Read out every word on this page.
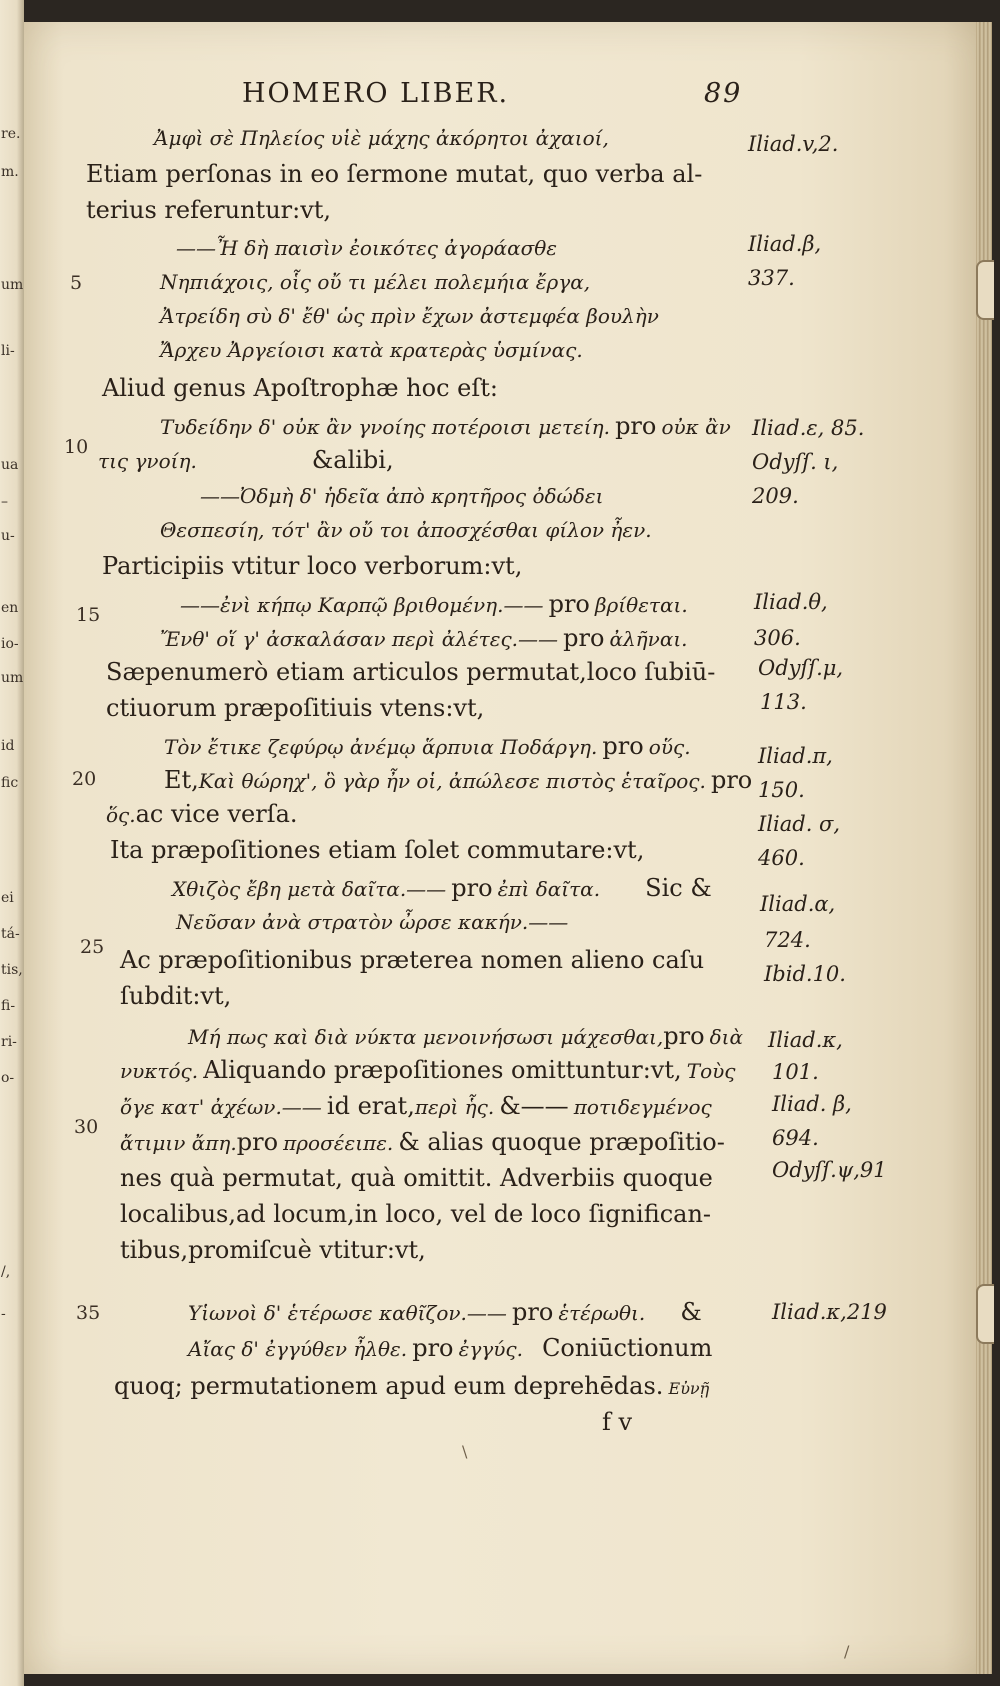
re.
m.
um
li-
ua
–
u-
en
io-
um
id
fic
ei
tá-
tis,
fi-
ri-
o-
/,
-
HOMERO LIBER.	89
Ἀμφὶ σὲ Πηλείος υἱὲ μάχης ἀκόρητοι ἀχαιοί,
Etiam perſonas in eo ſermone mutat, quo verba al-
terius referuntur:vt,
——Ἦ δὴ παισὶν ἐοικότες ἀγοράασθε
Νηπιάχοις, οἷς οὔ τι μέλει πολεμήια ἔργα,
Ἀτρείδη σὺ δ' ἔθ' ὡς πρὶν ἔχων ἀστεμφέα βουλὴν
Ἄρχευ Ἀργείοισι κατὰ κρατερὰς ὑσμίνας.
Aliud genus Apoſtrophæ hoc eſt:
Τυδείδην δ' οὐκ ἂν γνοίης ποτέροισι μετείη. pro οὐκ ἂν
τις γνοίη.	&alibi,
——Ὀδμὴ δ' ἡδεῖα ἀπὸ κρητῆρος ὀδώδει
Θεσπεσίη, τότ' ἂν οὔ τοι ἀποσχέσθαι φίλον ἦεν.
Participiis vtitur loco verborum:vt,
——ἐνὶ κήπῳ Καρπῷ βριθομένη.—— pro βρίθεται.
Ἔνθ' οἵ γ' ἀσκαλάσαν περὶ ἀλέτες.—— pro ἀλῆναι.
Sæpenumerò etiam articulos permutat,loco ſubiū-
ctiuorum præpoſitiuis vtens:vt,
Τὸν ἔτικε ζεφύρῳ ἀνέμῳ ἅρπυια Ποδάργη. pro οὕς.
Et,Καὶ θώρηχ', ὃ γὰρ ἦν οἱ, ἀπώλεσε πιστὸς ἑταῖρος. pro
ὅς.ac vice verſa.
Ita præpoſitiones etiam ſolet commutare:vt,
Χθιζὸς ἔβη μετὰ δαῖτα.—— pro ἐπὶ δαῖτα. Sic &
Νεῦσαν ἀνὰ στρατὸν ὦρσε κακήν.——
Ac præpoſitionibus præterea nomen alieno caſu
ſubdit:vt,
Μή πως καὶ διὰ νύκτα μενοινήσωσι μάχεσθαι,pro διὰ
νυκτός. Aliquando præpoſitiones omittuntur:vt, Τοὺς
ὄγε κατ' ἀχέων.—— id erat,περὶ ἧς. &—— ποτιδεγμένος
ἄτιμιν ἄπη.pro προσέειπε. & alias quoque præpoſitio-
nes quà permutat, quà omittit. Adverbiis quoque
localibus,ad locum,in loco, vel de loco ſignifican-
tibus,promiſcuè vtitur:vt,
Υἱωνοὶ δ' ἑτέρωσε καθῖζον.—— pro ἑτέρωθι. &
Αἴας δ' ἐγγύθεν ἦλθε. pro ἐγγύς. Coniūctionum
quoq; permutationem apud eum deprehēdas. Εὐνῇ
f v
5
10
15
20
25
30
35
Iliad.v,2.
Iliad.β,
337.
Iliad.ε, 85.
Odyſſ. ι,
209.
Iliad.θ,
306.
Odyſſ.μ,
113.
Iliad.π,
150.
Iliad. σ,
460.
Iliad.α,
724.
Ibid.10.
Iliad.κ,
101.
Iliad. β,
694.
Odyſſ.ψ,91
Iliad.κ,219
\
/
